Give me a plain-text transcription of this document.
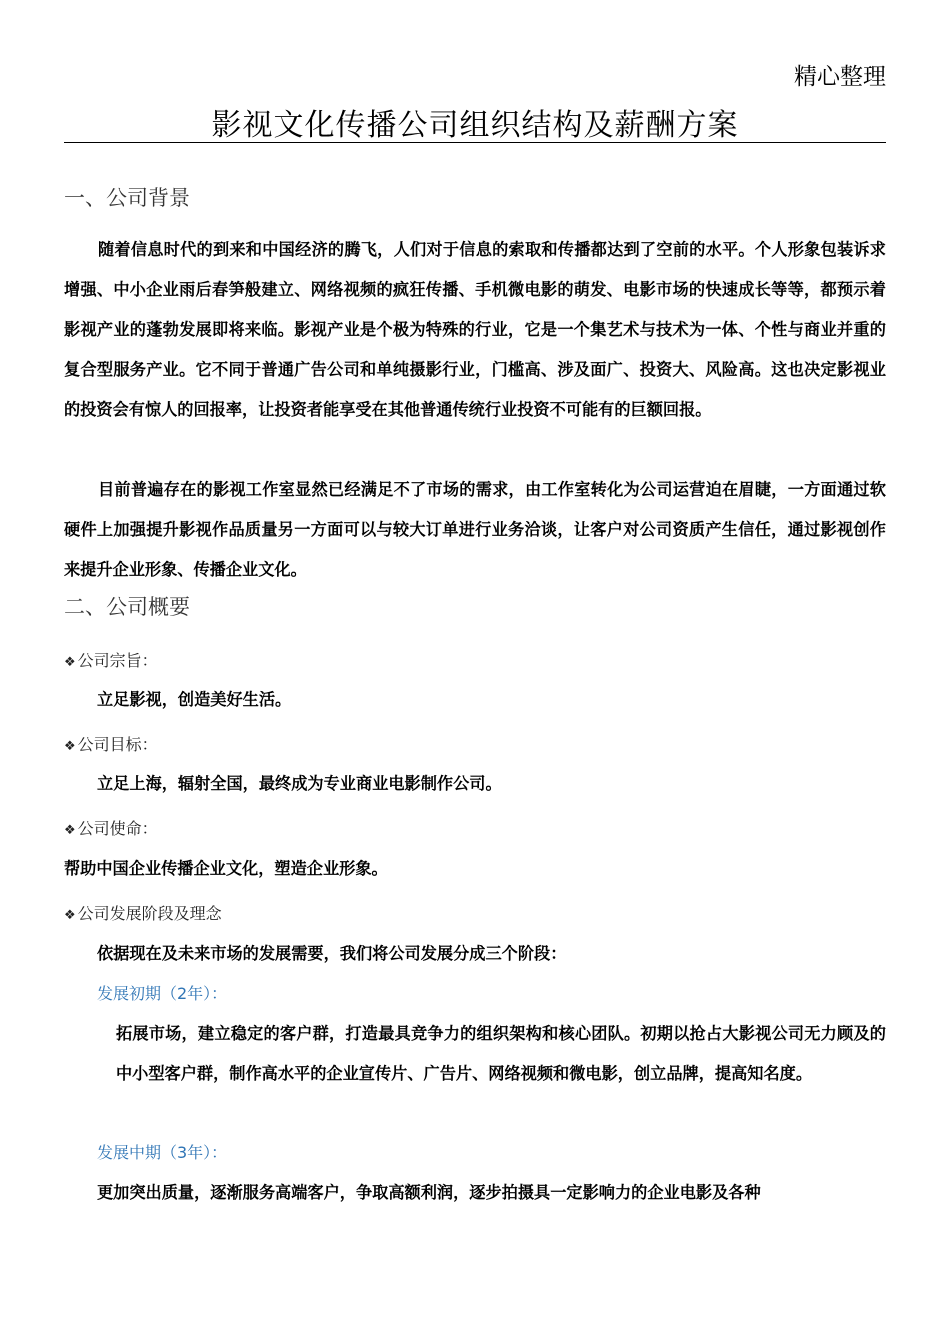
精心整理
影视文化传播公司组织结构及薪酬方案
一、公司背景

随着信息时代的到来和中国经济的腾飞，人们对于信息的索取和传播都达到了空前的水平。个人形象包装诉求增强、中小企业雨后春笋般建立、网络视频的疯狂传播、手机微电影的萌发、电影市场的快速成长等等，都预示着影视产业的蓬勃发展即将来临。影视产业是个极为特殊的行业，它是一个集艺术与技术为一体、个性与商业并重的复合型服务产业。它不同于普通广告公司和单纯摄影行业，门槛高、涉及面广、投资大、风险高。这也决定影视业的投资会有惊人的回报率，让投资者能享受在其他普通传统行业投资不可能有的巨额回报。

目前普遍存在的影视工作室显然已经满足不了市场的需求，由工作室转化为公司运营迫在眉睫，一方面通过软硬件上加强提升影视作品质量另一方面可以与较大订单进行业务洽谈，让客户对公司资质产生信任，通过影视创作来提升企业形象、传播企业文化。

二、公司概要
❖ 公司宗旨：
立足影视，创造美好生活。
❖ 公司目标：
立足上海，辐射全国，最终成为专业商业电影制作公司。
❖ 公司使命：
帮助中国企业传播企业文化，塑造企业形象。
❖ 公司发展阶段及理念
依据现在及未来市场的发展需要，我们将公司发展分成三个阶段：
发展初期（2年）：

拓展市场，建立稳定的客户群，打造最具竞争力的组织架构和核心团队。初期以抢占大影视公司无力顾及的中小型客户群，制作高水平的企业宣传片、广告片、网络视频和微电影，创立品牌，提高知名度。

发展中期（3年）：
更加突出质量，逐渐服务高端客户，争取高额利润，逐步拍摄具一定影响力的企业电影及各种
